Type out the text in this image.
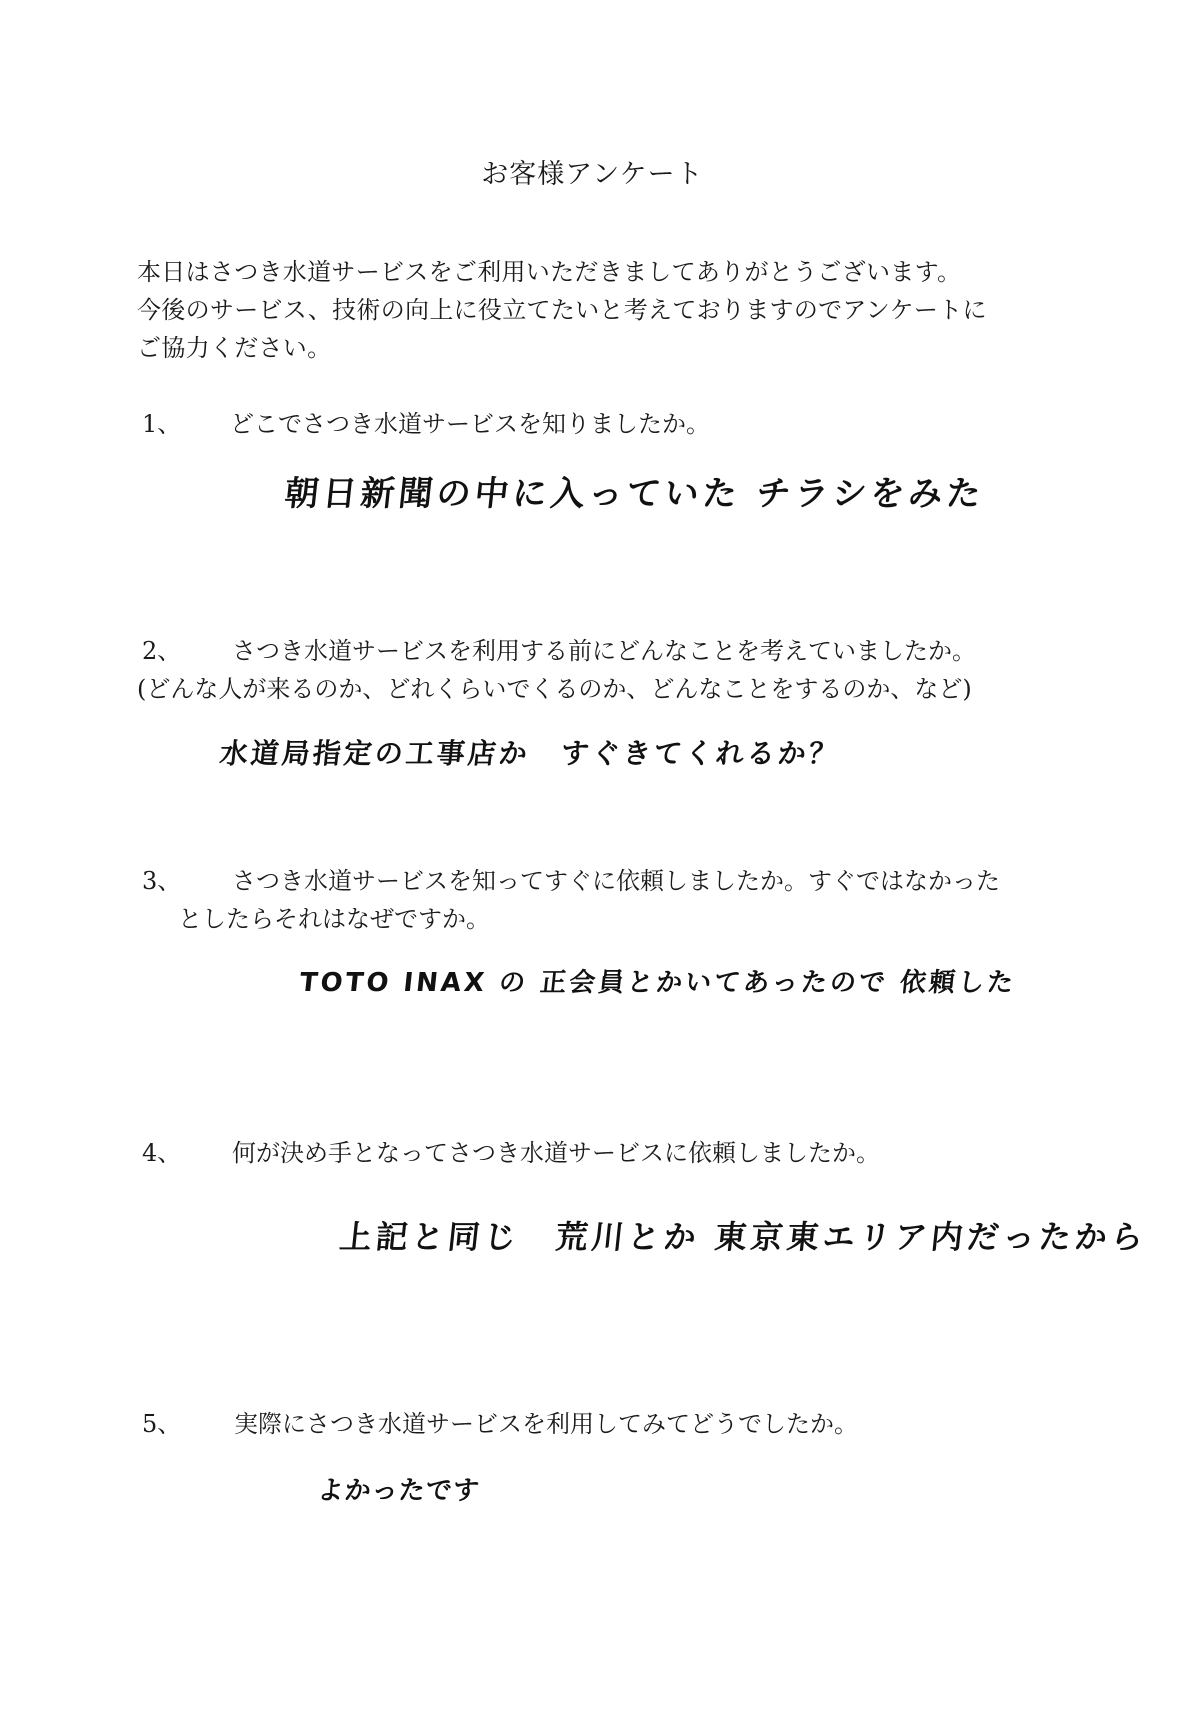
お客様アンケート
本日はさつき水道サービスをご利用いただきましてありがとうございます。
今後のサービス、技術の向上に役立てたいと考えておりますのでアンケートに
ご協力ください。
1、 どこでさつき水道サービスを知りましたか。
朝日新聞の中に入っていた チラシをみた
2、 さつき水道サービスを利用する前にどんなことを考えていましたか。
(どんな人が来るのか、どれくらいでくるのか、どんなことをするのか、など)
水道局指定の工事店か　すぐきてくれるか？
3、 さつき水道サービスを知ってすぐに依頼しましたか。すぐではなかった
としたらそれはなぜですか。
TOTO INAX の 正会員とかいてあったので 依頼した
4、 何が決め手となってさつき水道サービスに依頼しましたか。
上記と同じ　荒川とか 東京東エリア内だったから
5、 実際にさつき水道サービスを利用してみてどうでしたか。
よかったです
